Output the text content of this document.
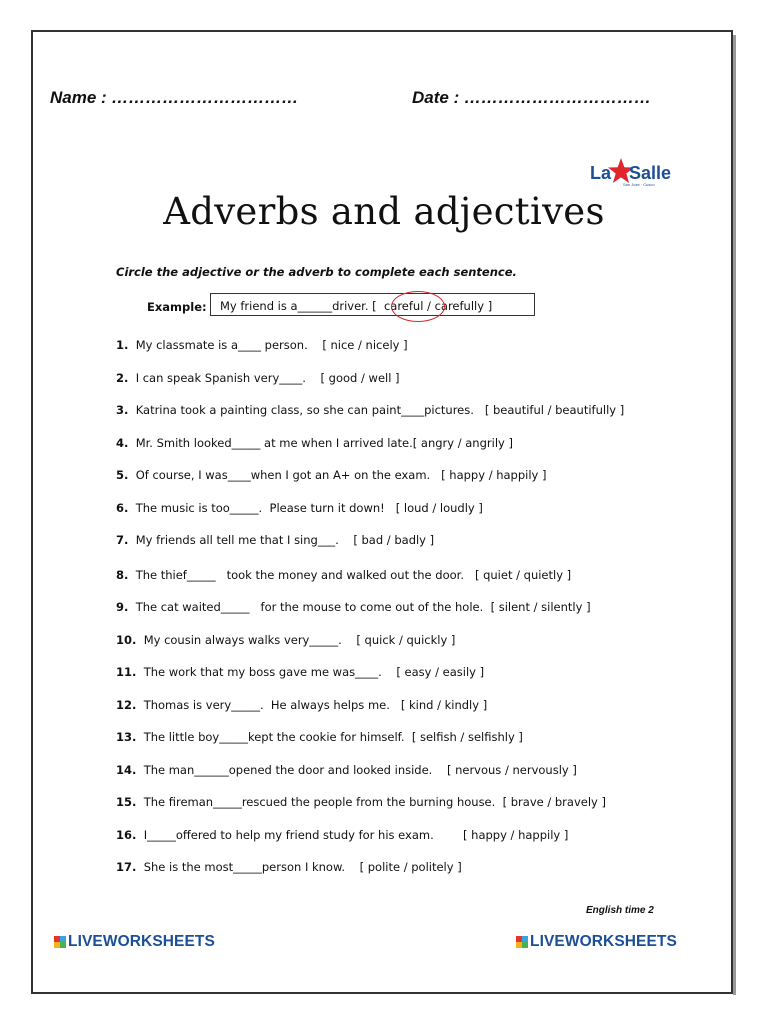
Name : ……………………………	Date : ……………………………
La Salle
San José · Cusco
Adverbs and adjectives
Circle the adjective or the adverb to complete each sentence.
Example: My friend is a______driver. [  careful / carefully ]
1. My classmate is a____ person.    [ nice / nicely ]
2. I can speak Spanish very____.    [ good / well ]
3. Katrina took a painting class, so she can paint____pictures.   [ beautiful / beautifully ]
4. Mr. Smith looked_____ at me when I arrived late.[ angry / angrily ]
5. Of course, I was____when I got an A+ on the exam.   [ happy / happily ]
6. The music is too_____.  Please turn it down!   [ loud / loudly ]
7. My friends all tell me that I sing___.    [ bad / badly ]
8. The thief_____   took the money and walked out the door.   [ quiet / quietly ]
9. The cat waited_____   for the mouse to come out of the hole.  [ silent / silently ]
10. My cousin always walks very_____.    [ quick / quickly ]
11. The work that my boss gave me was____.    [ easy / easily ]
12. Thomas is very_____.  He always helps me.   [ kind / kindly ]
13. The little boy_____kept the cookie for himself.  [ selfish / selfishly ]
14. The man______opened the door and looked inside.    [ nervous / nervously ]
15. The fireman_____rescued the people from the burning house.  [ brave / bravely ]
16. I_____offered to help my friend study for his exam.        [ happy / happily ]
17. She is the most_____person I know.    [ polite / politely ]
English time 2
LIVEWORKSHEETS	LIVEWORKSHEETS
